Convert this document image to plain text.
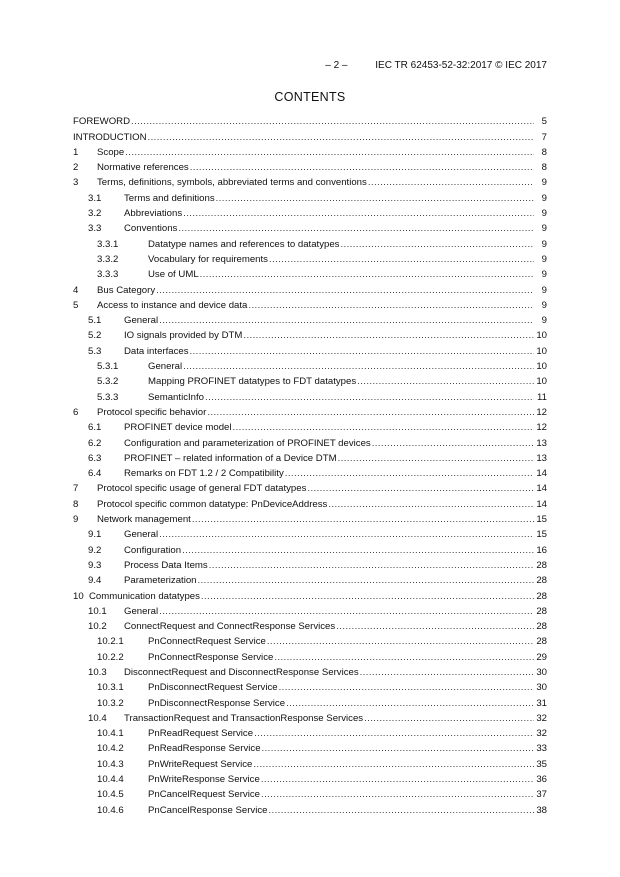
– 2 –          IEC TR 62453-52-32:2017 © IEC 2017
CONTENTS
FOREWORD .....	5
INTRODUCTION .....	7
1	Scope .....	8
2	Normative references .....	8
3	Terms, definitions, symbols, abbreviated terms and conventions .....	9
3.1	Terms and definitions .....	9
3.2	Abbreviations .....	9
3.3	Conventions .....	9
3.3.1	Datatype names and references to datatypes .....	9
3.3.2	Vocabulary for requirements .....	9
3.3.3	Use of UML .....	9
4	Bus Category .....	9
5	Access to instance and device data .....	9
5.1	General .....	9
5.2	IO signals provided by DTM .....	10
5.3	Data interfaces .....	10
5.3.1	General .....	10
5.3.2	Mapping PROFINET datatypes to FDT datatypes .....	10
5.3.3	SemanticInfo .....	11
6	Protocol specific behavior .....	12
6.1	PROFINET device model .....	12
6.2	Configuration and parameterization of PROFINET devices .....	13
6.3	PROFINET – related information of a Device DTM .....	13
6.4	Remarks on FDT 1.2 / 2 Compatibility .....	14
7	Protocol specific usage of general FDT datatypes .....	14
8	Protocol specific common datatype: PnDeviceAddress .....	14
9	Network management .....	15
9.1	General .....	15
9.2	Configuration .....	16
9.3	Process Data Items .....	28
9.4	Parameterization .....	28
10 Communication datatypes .....	28
10.1	General .....	28
10.2	ConnectRequest and ConnectResponse Services .....	28
10.2.1	PnConnectRequest Service .....	28
10.2.2	PnConnectResponse Service .....	29
10.3	DisconnectRequest and DisconnectResponse Services .....	30
10.3.1	PnDisconnectRequest Service .....	30
10.3.2	PnDisconnectResponse Service .....	31
10.4	TransactionRequest and TransactionResponse Services .....	32
10.4.1	PnReadRequest Service .....	32
10.4.2	PnReadResponse Service .....	33
10.4.3	PnWriteRequest Service .....	35
10.4.4	PnWriteResponse Service .....	36
10.4.5	PnCancelRequest Service .....	37
10.4.6	PnCancelResponse Service .....	38
